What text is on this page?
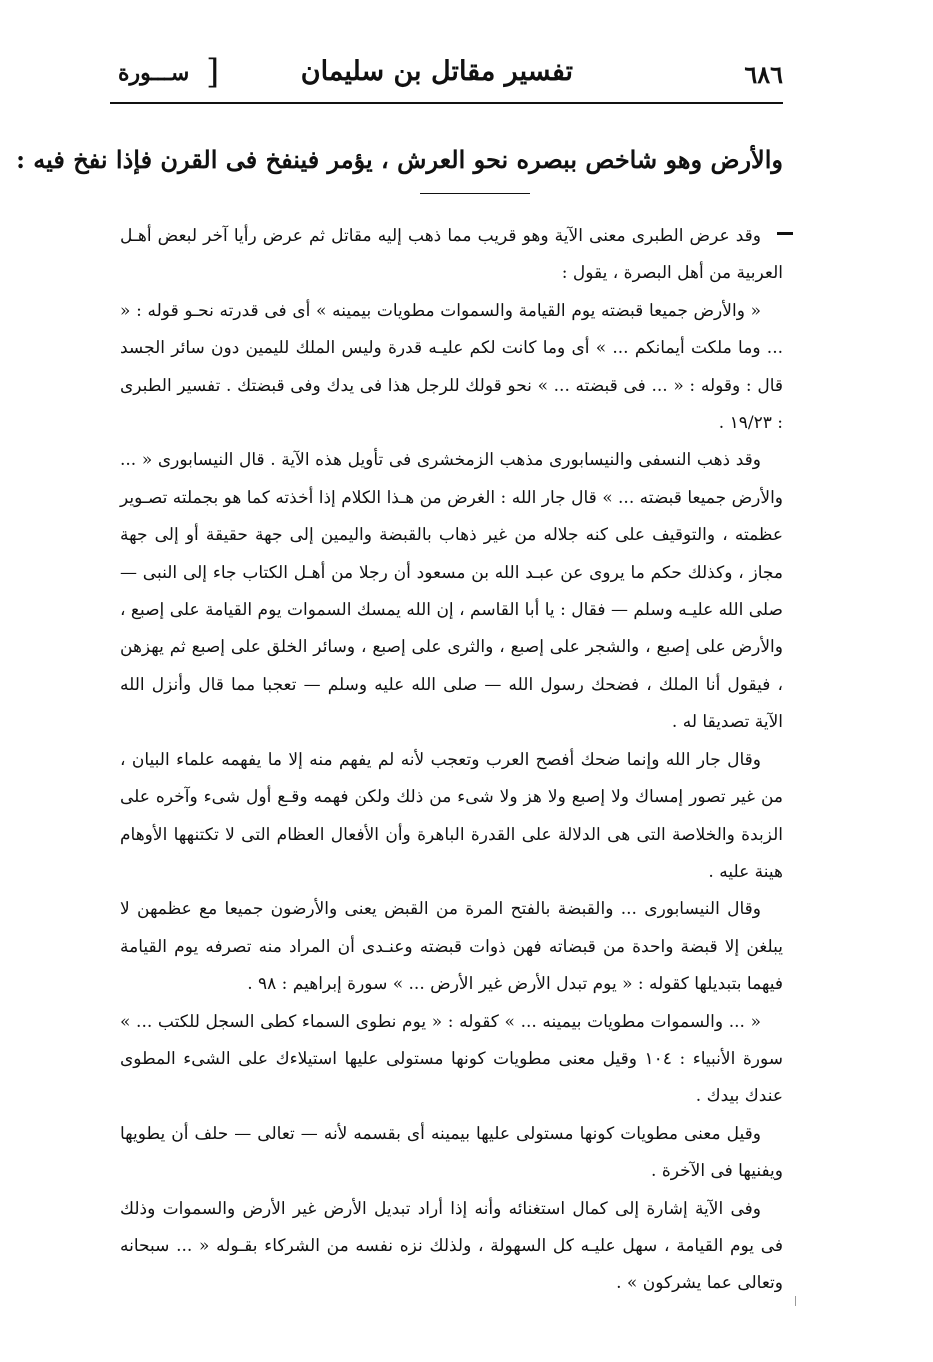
٦٨٦
تفسير مقاتل بن سليمان
[
ســـورة
والأرض وهو شاخص ببصره نحو العرش ، يؤمر فينفخ فى القرن فإذا نفخ فيه :

وقد عرض الطبرى معنى الآية وهو قريب مما ذهب إليه مقاتل ثم عرض رأيا آخر لبعض أهـل العربية من أهل البصرة ، يقول :

« والأرض جميعا قبضته يوم القيامة والسموات مطويات بيمينه » أى فى قدرته نحـو قوله : « ... وما ملكت أيمانكم ... » أى وما كانت لكم عليـه قدرة وليس الملك لليمين دون سائر الجسد قال : وقوله : « ... فى قبضته ... » نحو قولك للرجل هذا فى يدك وفى قبضتك . تفسير الطبرى : ١٩/٢٣ .

وقد ذهب النسفى والنيسابورى مذهب الزمخشرى فى تأويل هذه الآية . قال النيسابورى « ... والأرض جميعا قبضته ... » قال جار الله : الغرض من هـذا الكلام إذا أخذته كما هو بجملته تصـوير عظمته ، والتوقيف على كنه جلاله من غير ذهاب بالقبضة واليمين إلى جهة حقيقة أو إلى جهة مجاز ، وكذلك حكم ما يروى عن عبـد الله بن مسعود أن رجلا من أهـل الكتاب جاء إلى النبى — صلى الله عليـه وسلم — فقال : يا أبا القاسم ، إن الله يمسك السموات يوم القيامة على إصبع ، والأرض على إصبع ، والشجر على إصبع ، والثرى على إصبع ، وسائر الخلق على إصبع ثم يهزهن ، فيقول أنا الملك ، فضحك رسول الله — صلى الله عليه وسلم — تعجبا مما قال وأنزل الله الآية تصديقا له .

وقال جار الله وإنما ضحك أفصح العرب وتعجب لأنه لم يفهم منه إلا ما يفهمه علماء البيان ، من غير تصور إمساك ولا إصبع ولا هز ولا شىء من ذلك ولكن فهمه وقـع أول شىء وآخره على الزبدة والخلاصة التى هى الدلالة على القدرة الباهرة وأن الأفعال العظام التى لا تكتنهها الأوهام هينة عليه .

وقال النيسابورى ... والقبضة بالفتح المرة من القبض يعنى والأرضون جميعا مع عظمهن لا يبلغن إلا قبضة واحدة من قبضاته فهن ذوات قبضته وعنـدى أن المراد منه تصرفه يوم القيامة فيهما بتبديلها كقوله : « يوم تبدل الأرض غير الأرض ... » سورة إبراهيم : ٩٨ .

« ... والسموات مطويات بيمينه ... » كقوله : « يوم نطوى السماء كطى السجل للكتب ... » سورة الأنبياء : ١٠٤ وقيل معنى مطويات كونها مستولى عليها استيلاءك على الشىء المطوى عندك بيدك .

وقيل معنى مطويات كونها مستولى عليها بيمينه أى بقسمه لأنه — تعالى — حلف أن يطويها ويفنيها فى الآخرة .

وفى الآية إشارة إلى كمال استغنائه وأنه إذا أراد تبديل الأرض غير الأرض والسموات وذلك فى يوم القيامة ، سهل عليـه كل السهولة ، ولذلك نزه نفسه من الشركاء بقـوله « ... سبحانه وتعالى عما يشركون » .
